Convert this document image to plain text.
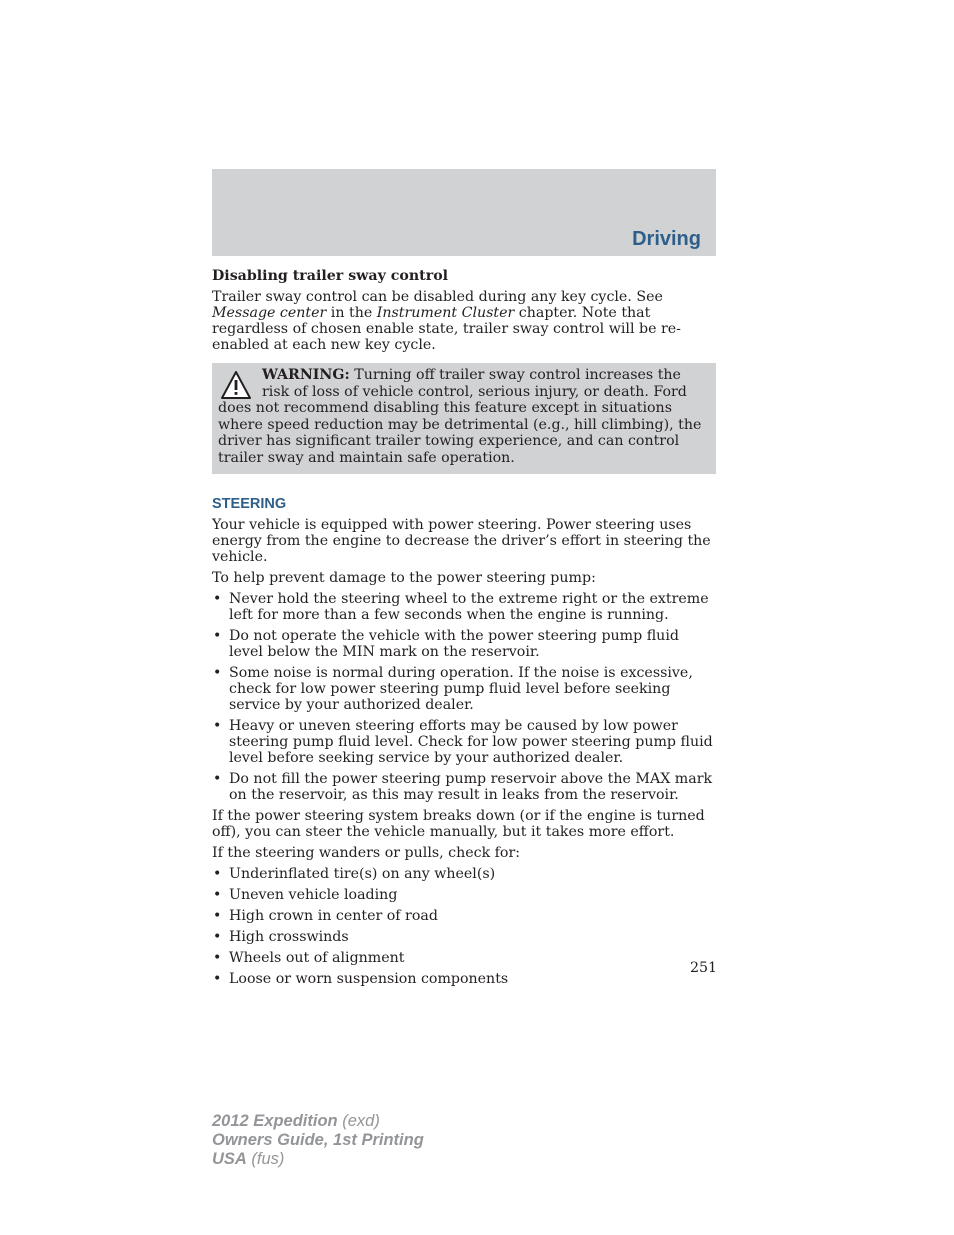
Driving
Disabling trailer sway control

Trailer sway control can be disabled during any key cycle. See Message center in the Instrument Cluster chapter. Note that regardless of chosen enable state, trailer sway control will be re-enabled at each new key cycle.

WARNING: Turning off trailer sway control increases the risk of loss of vehicle control, serious injury, or death. Ford does not recommend disabling this feature except in situations where speed reduction may be detrimental (e.g., hill climbing), the driver has significant trailer towing experience, and can control trailer sway and maintain safe operation.
STEERING

Your vehicle is equipped with power steering. Power steering uses energy from the engine to decrease the driver’s effort in steering the vehicle.

To help prevent damage to the power steering pump:

• Never hold the steering wheel to the extreme right or the extreme left for more than a few seconds when the engine is running.
• Do not operate the vehicle with the power steering pump fluid level below the MIN mark on the reservoir.
• Some noise is normal during operation. If the noise is excessive, check for low power steering pump fluid level before seeking service by your authorized dealer.
• Heavy or uneven steering efforts may be caused by low power steering pump fluid level. Check for low power steering pump fluid level before seeking service by your authorized dealer.
• Do not fill the power steering pump reservoir above the MAX mark on the reservoir, as this may result in leaks from the reservoir.

If the power steering system breaks down (or if the engine is turned off), you can steer the vehicle manually, but it takes more effort.

If the steering wanders or pulls, check for:

• Underinflated tire(s) on any wheel(s)
• Uneven vehicle loading
• High crown in center of road
• High crosswinds
• Wheels out of alignment
• Loose or worn suspension components
251
2012 Expedition (exd)
Owners Guide, 1st Printing
USA (fus)
